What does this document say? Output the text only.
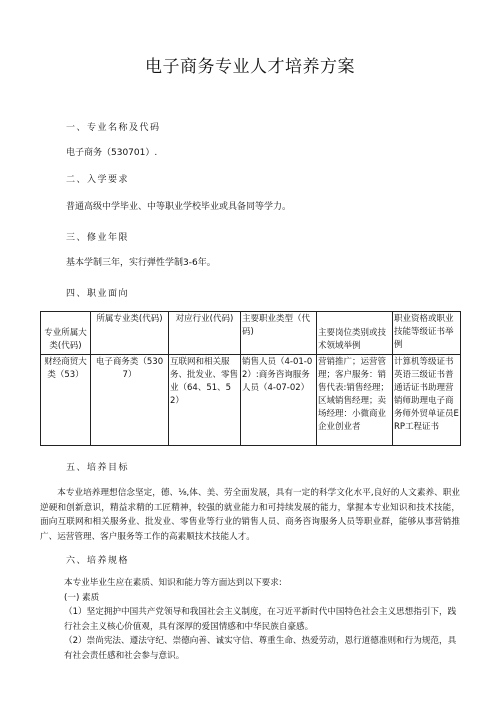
电子商务专业人才培养方案
一、专业名称及代码
电子商务（530701）.
二、入学要求
普通高级中学毕业、中等职业学校毕业或具备同等学力。
三、修业年限
基本学制三年，实行弹性学制3-6年。
四、职业面向
专业所属大类(代码)	所属专业类(代码)	对应行业(代码)	主要职业类型（代码)	主要岗位类别或技术领域举例	职业资格或职业技能等级证书举例
财经商贸大类（53）	电子商务类（5307）	互联网和相关服务、批发业、零售业（64、51、52）	销售人员（4-01-02）:商务咨询服务人员（4-07-02）	营销推广；运营管理；客户服务：销售代表:销售经理；区域销售经理；卖场经理：小微商业企业创业者	计算机等级证书英语三级证书普通话证书助理营销师助理电子商务师外贸单证员ERP工程证书
五、培养目标
本专业培养理想信念坚定，德、⅛,体、美、劳全面发展，具有一定的科学文化水平,良好的人文素养、职业逆硬和创新意识，精益求精的工匠精神，较强的就业能力和可持续发展的能力，掌握本专业知识和技术技能，面向互联网和相关服务业、批发业、零售业等行业的销售人员、商务咨询服务人员等职业群，能够从事营销推广、运营管理、客户服务等工作的高素顺技术技能人才。
六、培养规格
本专业毕业生应在素质、知识和能力等方面达到以下要求:
(一) 素质
（1）坚定拥护中国共产党领导和我国社会主义制度，在习近平新时代中国特色社会主义思想指引下，践行社会主义核心价值观，具有深厚的爱国情感和中华民族自豪感。
（2）崇尚宪法、遵法守纪、崇德向善、诚实守信、尊重生命、热爱劳动，恩行道德准则和行为规范，具有社会责任感和社会参与意识。
